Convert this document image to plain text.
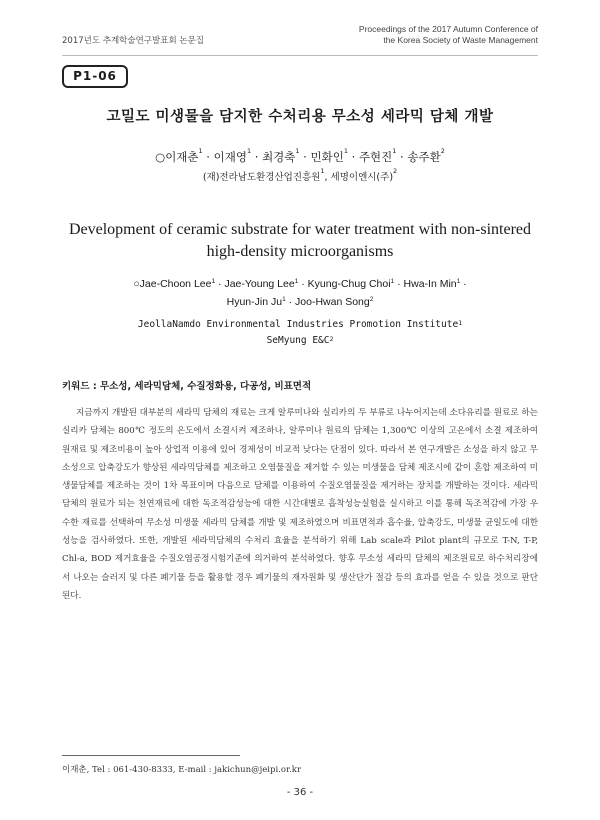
2017년도 추계학술연구발표회 논문집
Proceedings of the 2017 Autumn Conference of
the Korea Society of Waste Management
P1-06
고밀도 미생물을 담지한 수처리용 무소성 세라믹 담체 개발
○이재춘$^1$ · 이재영$^1$ · 최경축$^1$ · 민화인$^1$ · 주현진$^1$ · 송주환$^2$
(재)전라남도환경산업진흥원$^1$, 세명이엔시(주)$^2$
Development of ceramic substrate for water treatment with non-sintered
high-density microorganisms
○Jae-Choon Lee$^1$ · Jae-Young Lee$^1$ · Kyung-Chug Choi$^1$ · Hwa-In Min$^1$ ·
Hyun-Jin $Ju^1$ · Joo-Hwan Song$^2$
JeollaNamdo Environmental Industries Promotion Institute$^1$
SeMyung $E\&C^2$
키워드 : 무소성, 세라믹담체, 수질정화용, 다공성, 비표면적

지금까지 개발된 대부분의 세라믹 담체의 재료는 크게 알루미나와 실리카의 두 부류로 나누어지는데 소다유리를 원료로 하는 실리카 담체는 800℃ 정도의 온도에서 소결시켜 제조하나, 알루미나 원료의 담체는 1,300℃ 이상의 고온에서 소결 제조하여 원재료 및 제조비용이 높아 상업적 이용에 있어 경제성이 비교적 낮다는 단점이 있다. 따라서 본 연구개발은 소성을 하지 않고 무소성으로 압축강도가 향상된 세라믹담체를 제조하고 오염물질을 제거할 수 있는 미생물을 담체 제조시에 같이 혼합 제조하여 미생물담체를 제조하는 것이 1차 목표이며 다음으로 담체를 이용하여 수질오염물질을 제거하는 장치를 개발하는 것이다. 세라믹 담체의 원료가 되는 천연재료에 대한 독조적감성능에 대한 시간대별로 흡착성능실험을 실시하고 이를 통해 독조적감에 가장 우수한 재료를 선택하여 무소성 미생물 세라믹 담체를 개발 및 제조하였으며 비표면적과 흡수율, 압축강도, 미생물 균일도에 대한 성능을 검사하였다. 또한, 개발된 세라믹담체의 수처리 효율을 분석하기 위해 Lab scale과 Pilot plant의 규모로 T-N, T-P, Chl-a, BOD 제거효율을 수질오염공정시험기준에 의거하여 분석하였다. 향후 무소성 세라믹 담체의 제조원료로 하수처리장에서 나오는 슬러지 및 다른 폐기물 등을 활용할 경우 폐기물의 재자원화 및 생산단가 절감 등의 효과를 얻을 수 있을 것으로 판단된다.

이재춘, Tel : 061-430-8333, E-mail : jakichun@jeipi.or.kr
- 36 -
